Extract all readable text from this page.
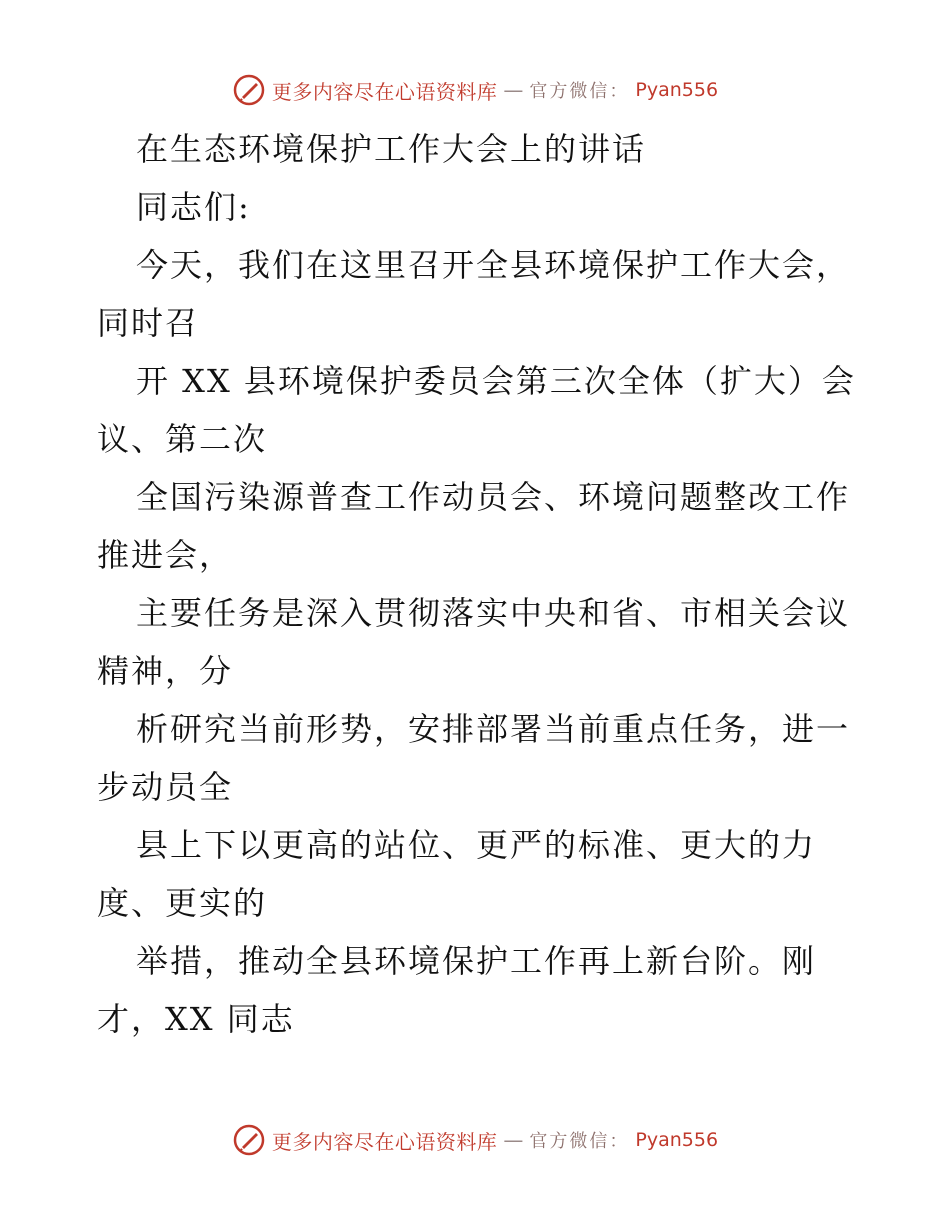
更多内容尽在心语资料库 — 官方微信： Pyan556
在生态环境保护工作大会上的讲话
同志们:
今天，我们在这里召开全县环境保护工作大会，
同时召
开 XX 县环境保护委员会第三次全体（扩大）会
议、第二次
全国污染源普查工作动员会、环境问题整改工作
推进会，
主要任务是深入贯彻落实中央和省、市相关会议
精神，分
析研究当前形势，安排部署当前重点任务，进一
步动员全
县上下以更高的站位、更严的标准、更大的力
度、更实的
举措，推动全县环境保护工作再上新台阶。刚
才，XX 同志
更多内容尽在心语资料库 — 官方微信： Pyan556
